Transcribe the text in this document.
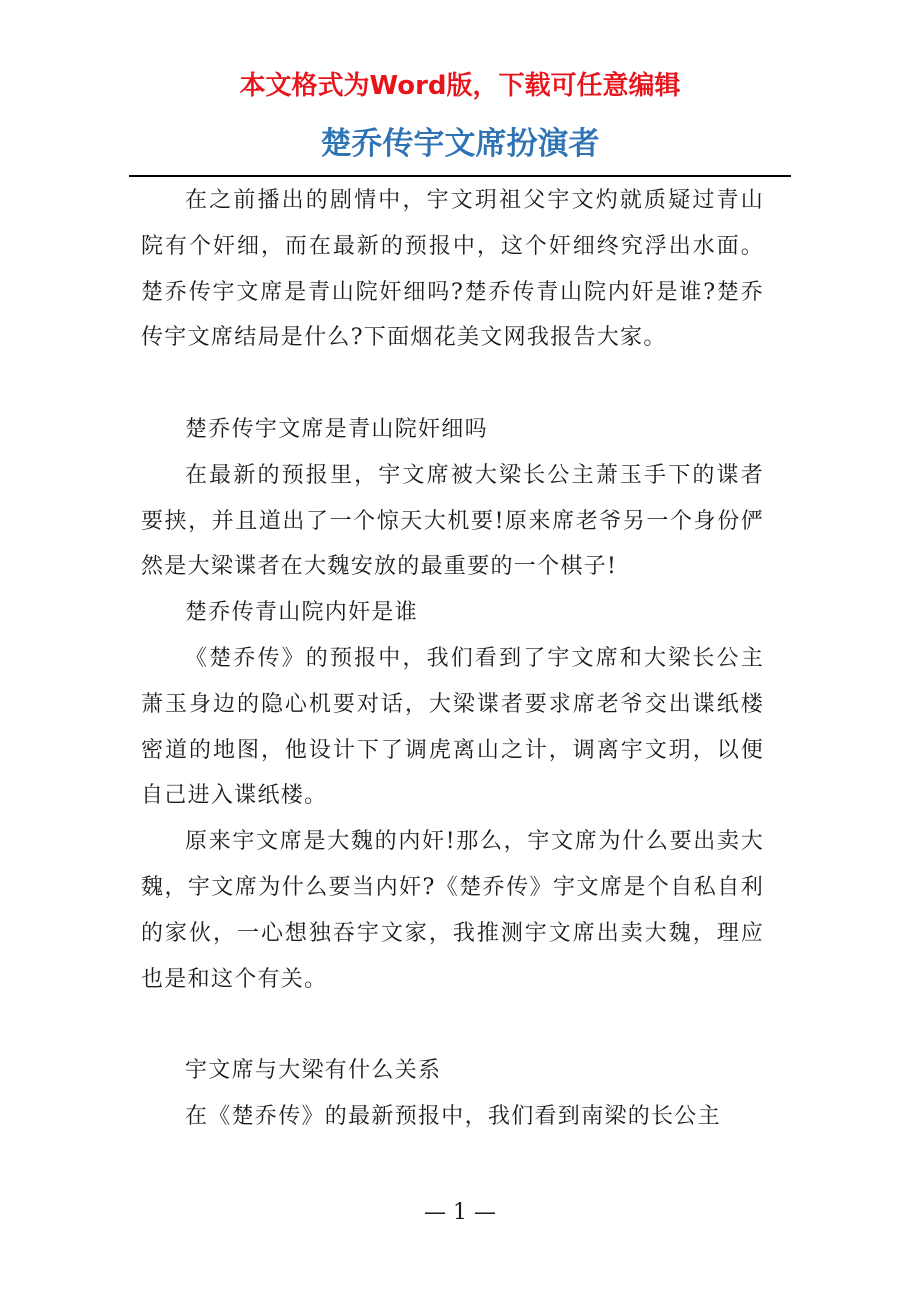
本文格式为Word版，下载可任意编辑
楚乔传宇文席扮演者

在之前播出的剧情中，宇文玥祖父宇文灼就质疑过青山院有个奸细，而在最新的预报中，这个奸细终究浮出水面。楚乔传宇文席是青山院奸细吗?楚乔传青山院内奸是谁?楚乔传宇文席结局是什么?下面烟花美文网我报告大家。

楚乔传宇文席是青山院奸细吗

在最新的预报里，宇文席被大梁长公主萧玉手下的谍者要挟，并且道出了一个惊天大机要!原来席老爷另一个身份俨然是大梁谍者在大魏安放的最重要的一个棋子!

楚乔传青山院内奸是谁

《楚乔传》的预报中，我们看到了宇文席和大梁长公主萧玉身边的隐心机要对话，大梁谍者要求席老爷交出谍纸楼密道的地图，他设计下了调虎离山之计，调离宇文玥，以便自己进入谍纸楼。

原来宇文席是大魏的内奸!那么，宇文席为什么要出卖大魏，宇文席为什么要当内奸?《楚乔传》宇文席是个自私自利的家伙，一心想独吞宇文家，我推测宇文席出卖大魏，理应也是和这个有关。

宇文席与大梁有什么关系

在《楚乔传》的最新预报中，我们看到南梁的长公主

— 1 —
